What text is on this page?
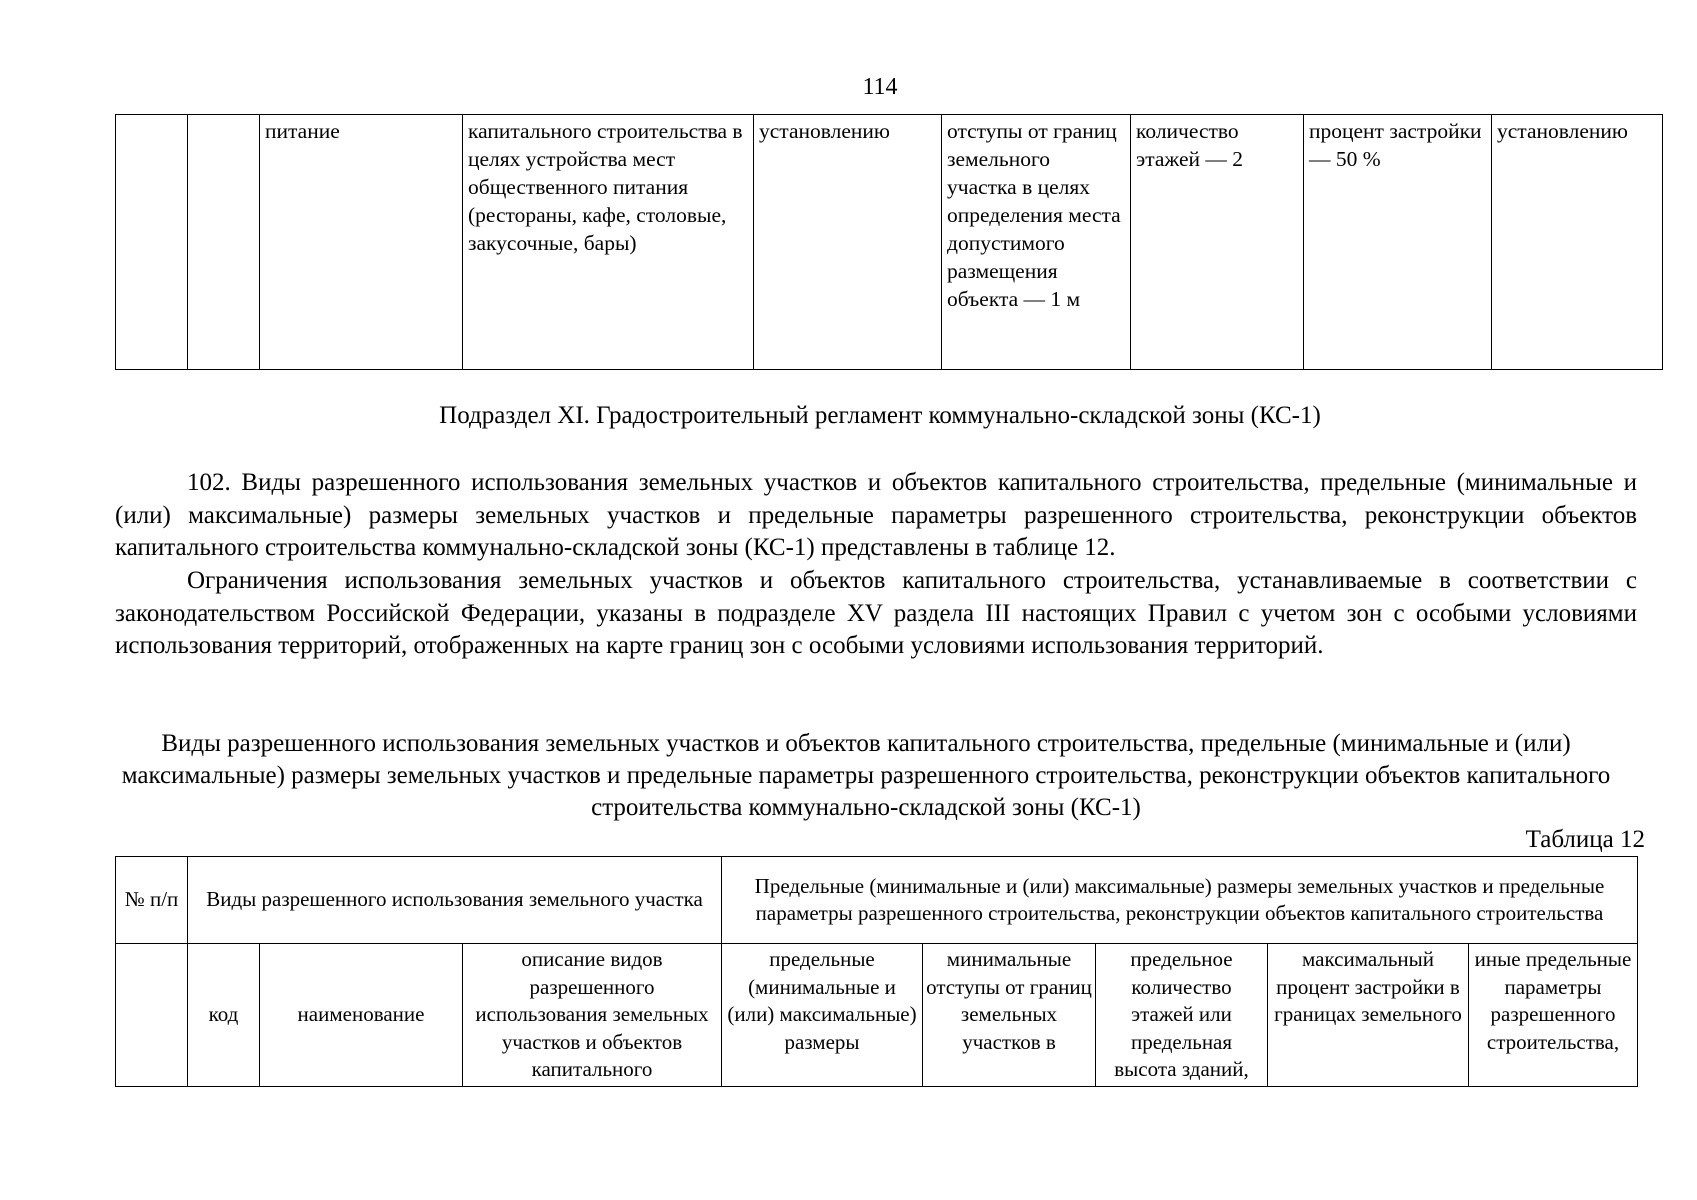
114
		питание	капитального строительства в целях устройства мест общественного питания (рестораны, кафе, столовые, закусочные, бары)	установлению	отступы от границ земельного участка в целях определения места допустимого размещения объекта — 1 м	количество этажей — 2	процент застройки — 50 %	установлению
Подраздел XI. Градостроительный регламент коммунально-складской зоны (КС-1)
102. Виды разрешенного использования земельных участков и объектов капитального строительства, предельные (минимальные и (или) максимальные) размеры земельных участков и предельные параметры разрешенного строительства, реконструкции объектов капитального строительства коммунально-складской зоны (КС-1) представлены в таблице 12.
Ограничения использования земельных участков и объектов капитального строительства, устанавливаемые в соответствии с законодательством Российской Федерации, указаны в подразделе XV раздела III настоящих Правил с учетом зон с особыми условиями использования территорий, отображенных на карте границ зон с особыми условиями использования территорий.
Виды разрешенного использования земельных участков и объектов капитального строительства, предельные (минимальные и (или) максимальные) размеры земельных участков и предельные параметры разрешенного строительства, реконструкции объектов капитального строительства коммунально-складской зоны (КС-1)
Таблица 12
№ п/п	Виды разрешенного использования земельного участка			Предельные (минимальные и (или) максимальные) размеры земельных участков и предельные параметры разрешенного строительства, реконструкции объектов капитального строительства				
	код	наименование	описание видов разрешенного использования земельных участков и объектов капитального	предельные (минимальные и (или) максимальные) размеры	минимальные отступы от границ земельных участков в	предельное количество этажей или предельная высота зданий,	максимальный процент застройки в границах земельного	иные предельные параметры разрешенного строительства,
